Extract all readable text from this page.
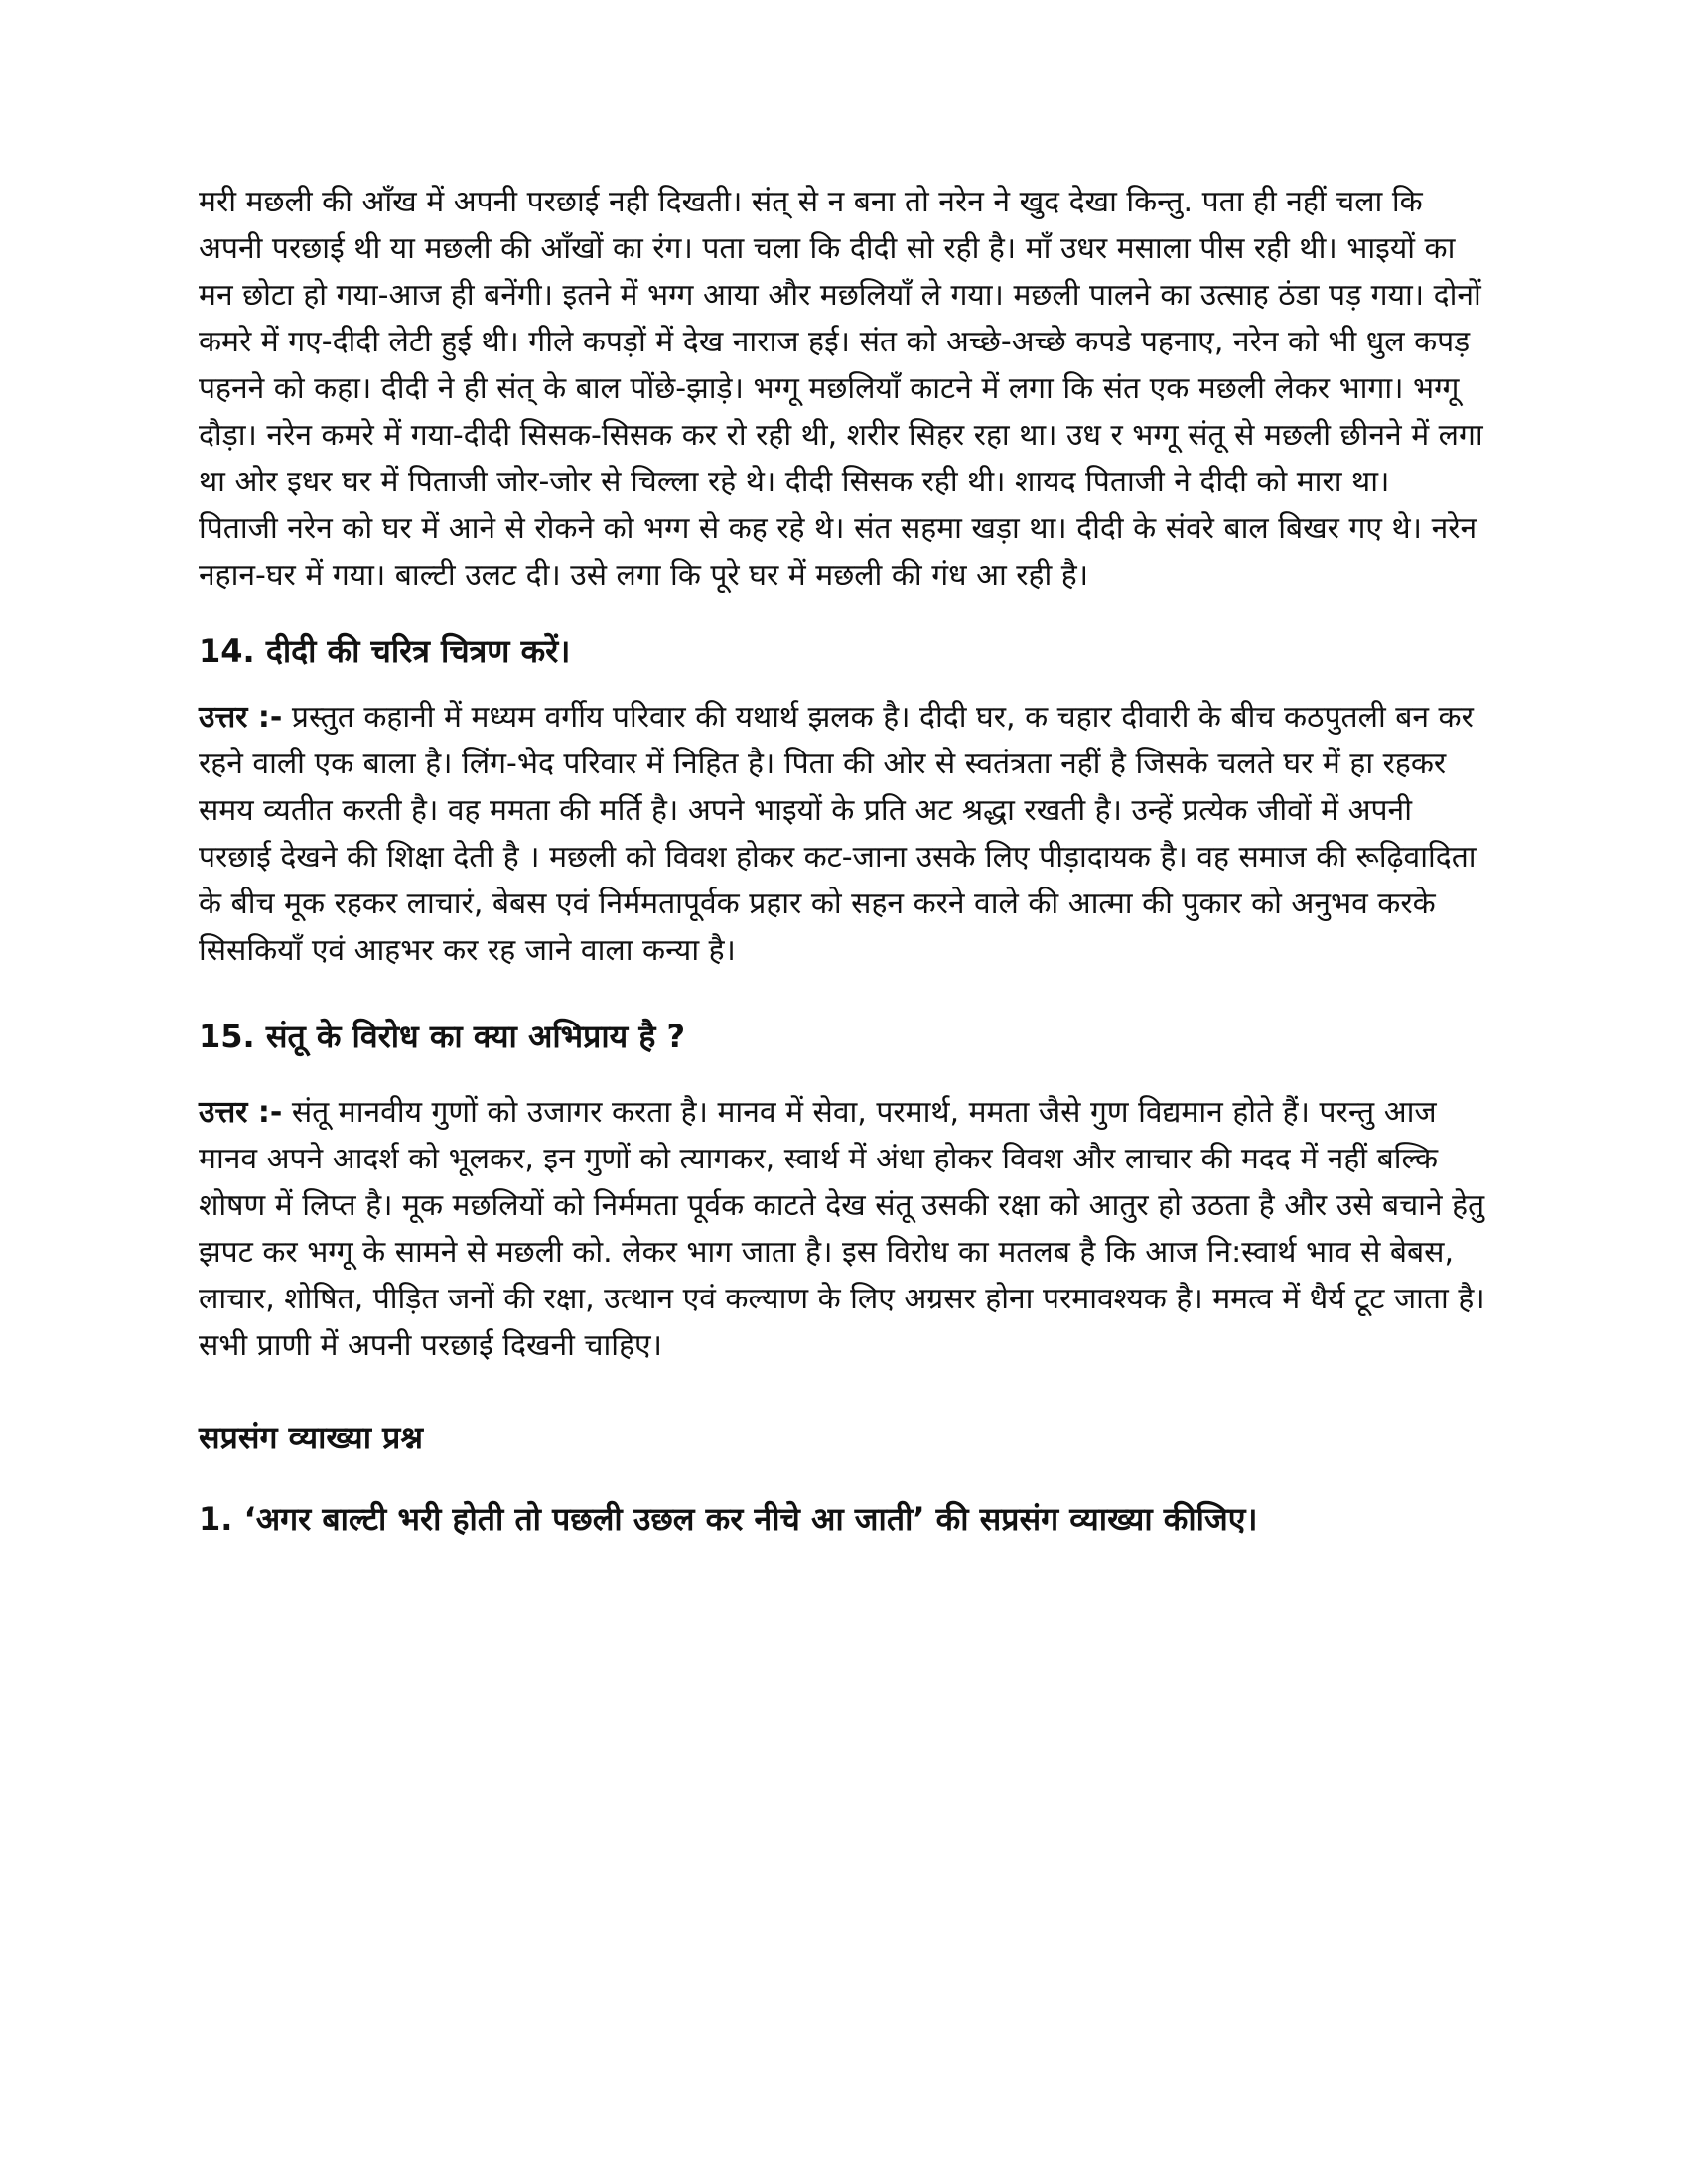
मरी मछली की आँख में अपनी परछाई नही दिखती। संत् से न बना तो नरेन ने खुद देखा किन्तु. पता ही नहीं चला कि अपनी परछाई थी या मछली की आँखों का रंग। पता चला कि दीदी सो रही है। माँ उधर मसाला पीस रही थी। भाइयों का मन छोटा हो गया-आज ही बनेंगी। इतने में भग्ग आया और मछलियाँ ले गया। मछली पालने का उत्साह ठंडा पड़ गया। दोनों कमरे में गए-दीदी लेटी हुई थी। गीले कपड़ों में देख नाराज हई। संत को अच्छे-अच्छे कपडे पहनाए, नरेन को भी धुल कपड़ पहनने को कहा। दीदी ने ही संत् के बाल पोंछे-झाड़े। भग्गू मछलियाँ काटने में लगा कि संत एक मछली लेकर भागा। भग्गू दौड़ा। नरेन कमरे में गया-दीदी सिसक-सिसक कर रो रही थी, शरीर सिहर रहा था। उध र भग्गू संतू से मछली छीनने में लगा था ओर इधर घर में पिताजी जोर-जोर से चिल्ला रहे थे। दीदी सिसक रही थी। शायद पिताजी ने दीदी को मारा था।

पिताजी नरेन को घर में आने से रोकने को भग्ग से कह रहे थे। संत सहमा खड़ा था। दीदी के संवरे बाल बिखर गए थे। नरेन नहान-घर में गया। बाल्टी उलट दी। उसे लगा कि पूरे घर में मछली की गंध आ रही है।

14. दीदी की चरित्र चित्रण करें।

उत्तर :- प्रस्तुत कहानी में मध्यम वर्गीय परिवार की यथार्थ झलक है। दीदी घर, क चहार दीवारी के बीच कठपुतली बन कर रहने वाली एक बाला है। लिंग-भेद परिवार में निहित है। पिता की ओर से स्वतंत्रता नहीं है जिसके चलते घर में हा रहकर समय व्यतीत करती है। वह ममता की मर्ति है। अपने भाइयों के प्रति अट श्रद्धा रखती है। उन्हें प्रत्येक जीवों में अपनी परछाई देखने की शिक्षा देती है । मछली को विवश होकर कट-जाना उसके लिए पीड़ादायक है। वह समाज की रूढ़िवादिता के बीच मूक रहकर लाचारं, बेबस एवं निर्ममतापूर्वक प्रहार को सहन करने वाले की आत्मा की पुकार को अनुभव करके सिसकियाँ एवं आहभर कर रह जाने वाला कन्या है।

15. संतू के विरोध का क्या अभिप्राय है ?

उत्तर :- संतू मानवीय गुणों को उजागर करता है। मानव में सेवा, परमार्थ, ममता जैसे गुण विद्यमान होते हैं। परन्तु आज मानव अपने आदर्श को भूलकर, इन गुणों को त्यागकर, स्वार्थ में अंधा होकर विवश और लाचार की मदद में नहीं बल्कि शोषण में लिप्त है। मूक मछलियों को निर्ममता पूर्वक काटते देख संतू उसकी रक्षा को आतुर हो उठता है और उसे बचाने हेतु झपट कर भग्गू के सामने से मछली को. लेकर भाग जाता है। इस विरोध का मतलब है कि आज नि:स्वार्थ भाव से बेबस, लाचार, शोषित, पीड़ित जनों की रक्षा, उत्थान एवं कल्याण के लिए अग्रसर होना परमावश्यक है। ममत्व में धैर्य टूट जाता है। सभी प्राणी में अपनी परछाई दिखनी चाहिए।

सप्रसंग व्याख्या प्रश्न
1. ‘अगर बाल्टी भरी होती तो पछली उछल कर नीचे आ जाती’ की सप्रसंग व्याख्या कीजिए।
